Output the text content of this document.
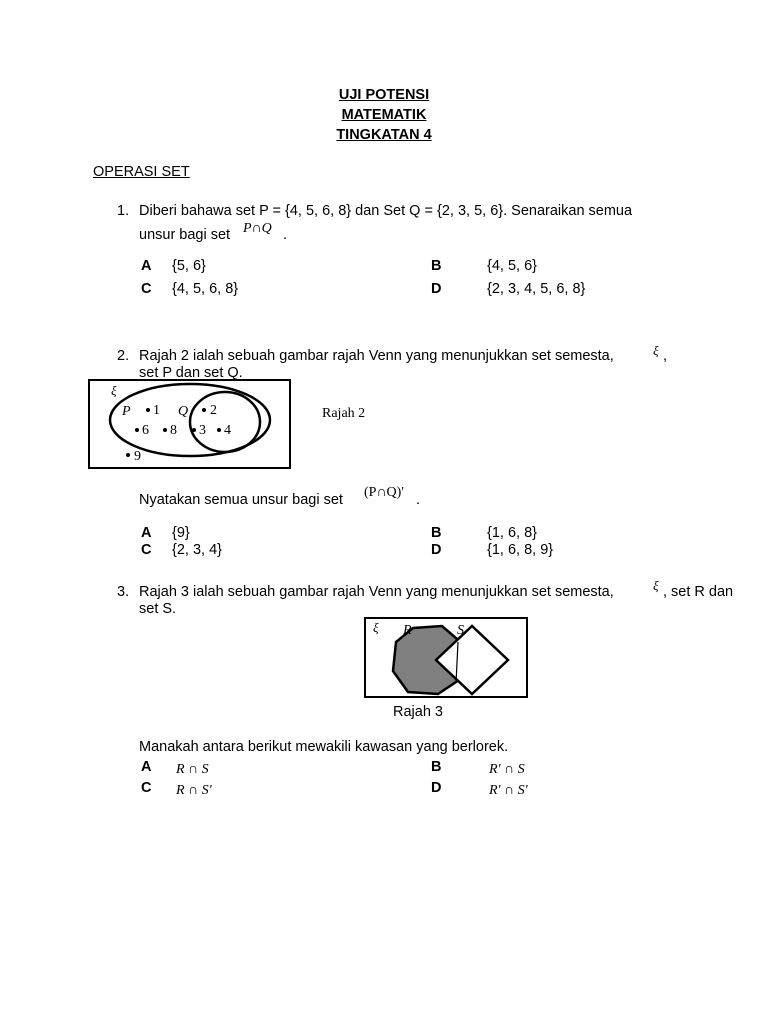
UJI POTENSI
MATEMATIK
TINGKATAN 4
OPERASI SET
1. Diberi bahawa set P = {4, 5, 6, 8} dan Set Q = {2, 3, 5, 6}. Senaraikan semua
unsur bagi set P∩Q .
A {5, 6}	B	{4, 5, 6}
C {4, 5, 6, 8}	D	{2, 3, 4, 5, 6, 8}
2. Rajah 2 ialah sebuah gambar rajah Venn yang menunjukkan set semesta,	ξ ,
set P dan set Q.
ξ
P	Q
1	2
6 8 3 4
9
Rajah 2
Nyatakan semua unsur bagi set (P∩Q)' .
A {9}	B	{1, 6, 8}
C {2, 3, 4}	D	{1, 6, 8, 9}
3. Rajah 3 ialah sebuah gambar rajah Venn yang menunjukkan set semesta,	ξ , set R dan
set S.
ξ R	S
Rajah 3
Manakah antara berikut mewakili kawasan yang berlorek.
A R ∩ S	B	R' ∩ S
C R ∩ S'	D	R' ∩ S'
